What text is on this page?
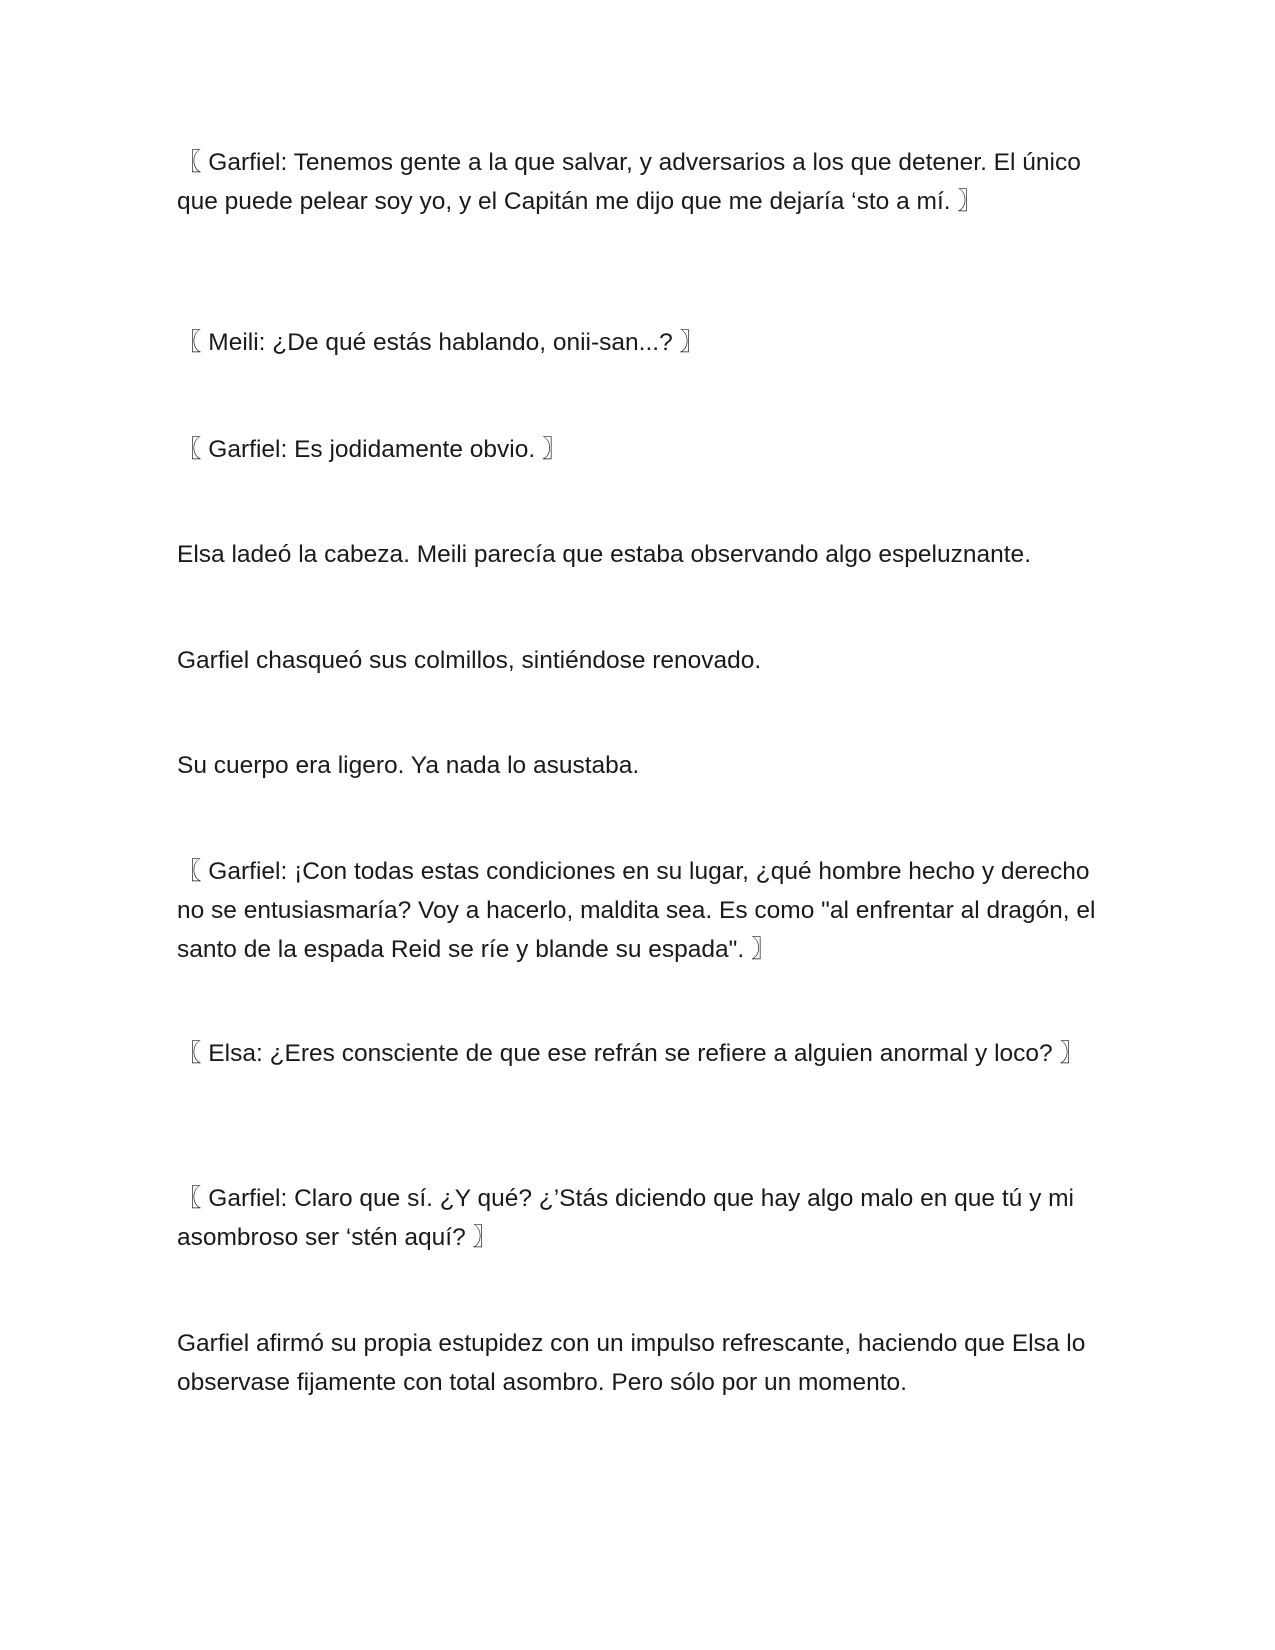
〖 Garfiel: Tenemos gente a la que salvar, y adversarios a los que detener. El único que puede pelear soy yo, y el Capitán me dijo que me dejaría ‘sto a mí. 〗

〖 Meili: ¿De qué estás hablando, onii-san...? 〗

〖 Garfiel: Es jodidamente obvio. 〗

Elsa ladeó la cabeza. Meili parecía que estaba observando algo espeluznante.

Garfiel chasqueó sus colmillos, sintiéndose renovado.

Su cuerpo era ligero. Ya nada lo asustaba.

〖 Garfiel: ¡Con todas estas condiciones en su lugar, ¿qué hombre hecho y derecho no se entusiasmaría? Voy a hacerlo, maldita sea. Es como "al enfrentar al dragón, el santo de la espada Reid se ríe y blande su espada". 〗

〖 Elsa: ¿Eres consciente de que ese refrán se refiere a alguien anormal y loco? 〗

〖 Garfiel: Claro que sí. ¿Y qué? ¿’Stás diciendo que hay algo malo en que tú y mi asombroso ser ‘stén aquí? 〗

Garfiel afirmó su propia estupidez con un impulso refrescante, haciendo que Elsa lo observase fijamente con total asombro. Pero sólo por un momento.
